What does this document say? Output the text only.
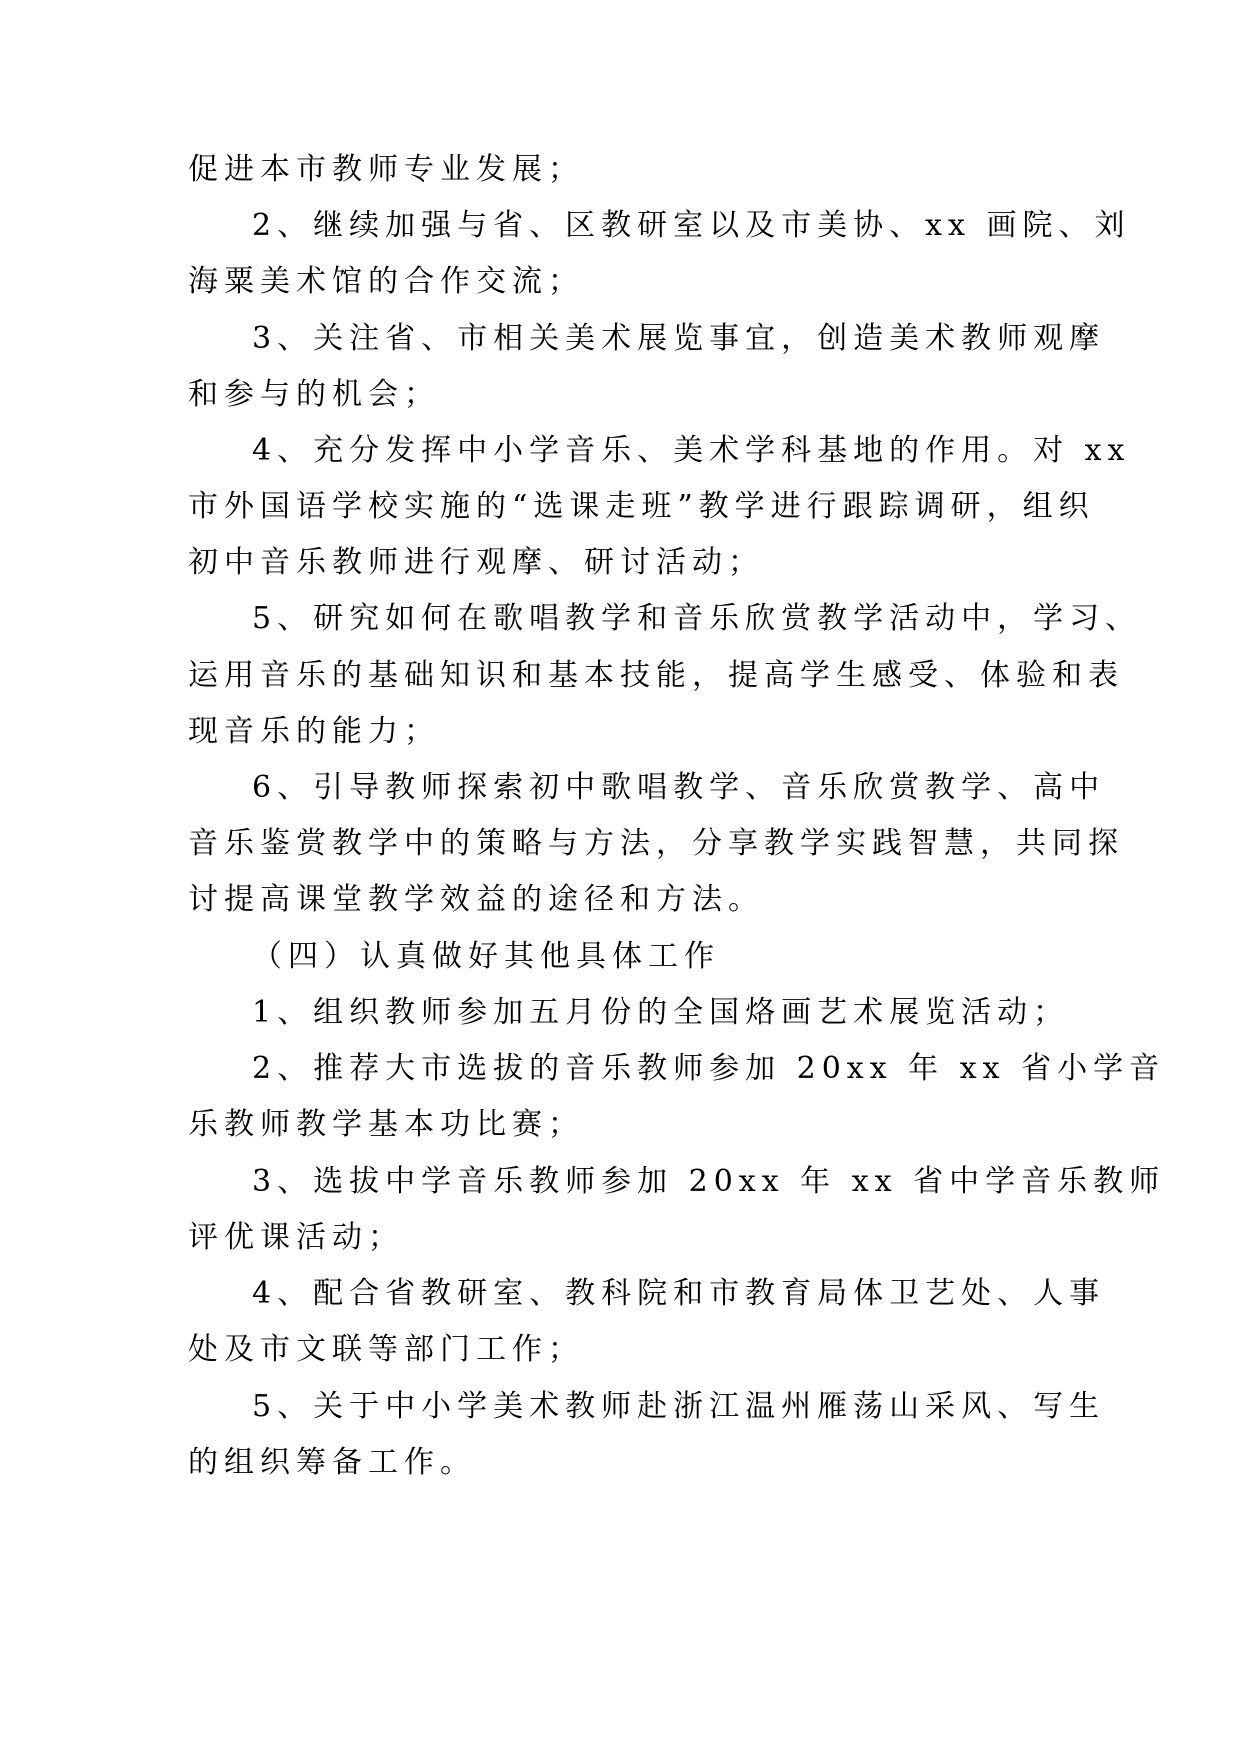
促进本市教师专业发展；
2、继续加强与省、区教研室以及市美协、xx 画院、刘
海粟美术馆的合作交流；
3、关注省、市相关美术展览事宜，创造美术教师观摩
和参与的机会；
4、充分发挥中小学音乐、美术学科基地的作用。对 xx
市外国语学校实施的“选课走班”教学进行跟踪调研，组织
初中音乐教师进行观摩、研讨活动；
5、研究如何在歌唱教学和音乐欣赏教学活动中，学习、
运用音乐的基础知识和基本技能，提高学生感受、体验和表
现音乐的能力；
6、引导教师探索初中歌唱教学、音乐欣赏教学、高中
音乐鉴赏教学中的策略与方法，分享教学实践智慧，共同探
讨提高课堂教学效益的途径和方法。
（四）认真做好其他具体工作
1、组织教师参加五月份的全国烙画艺术展览活动；
2、推荐大市选拔的音乐教师参加 20xx 年 xx 省小学音
乐教师教学基本功比赛；
3、选拔中学音乐教师参加 20xx 年 xx 省中学音乐教师
评优课活动；
4、配合省教研室、教科院和市教育局体卫艺处、人事
处及市文联等部门工作；
5、关于中小学美术教师赴浙江温州雁荡山采风、写生
的组织筹备工作。
